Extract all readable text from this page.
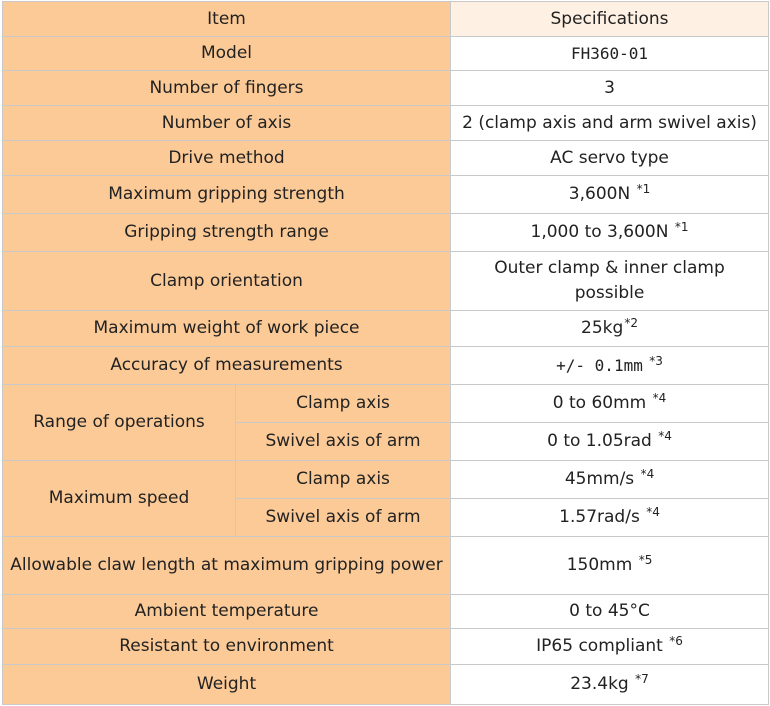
Item		Specifications
Model		FH360-01
Number of fingers		3
Number of axis		2 (clamp axis and arm swivel axis)
Drive method		AC servo type
Maximum gripping strength		3,600N $^{*1}$
Gripping strength range		1,000 to 3,600N $^{*1}$
Clamp orientation		Outer clamp & inner clamp possible
Maximum weight of work piece		$25kg^{*2}$
Accuracy of measurements		+/- 0.1mm $^{*3}$
Range of operations	Clamp axis	0 to 60mm $^{*4}$
	Swivel axis of arm	0 to 1.05rad $^{*4}$
Maximum speed	Clamp axis	45mm/s $^{*4}$
	Swivel axis of arm	1.57rad/s $^{*4}$
Allowable claw length at maximum gripping power		150mm $^{*5}$
Ambient temperature		0 to 45°C
Resistant to environment		IP65 compliant $^{*6}$
Weight		23.4kg $^{*7}$
